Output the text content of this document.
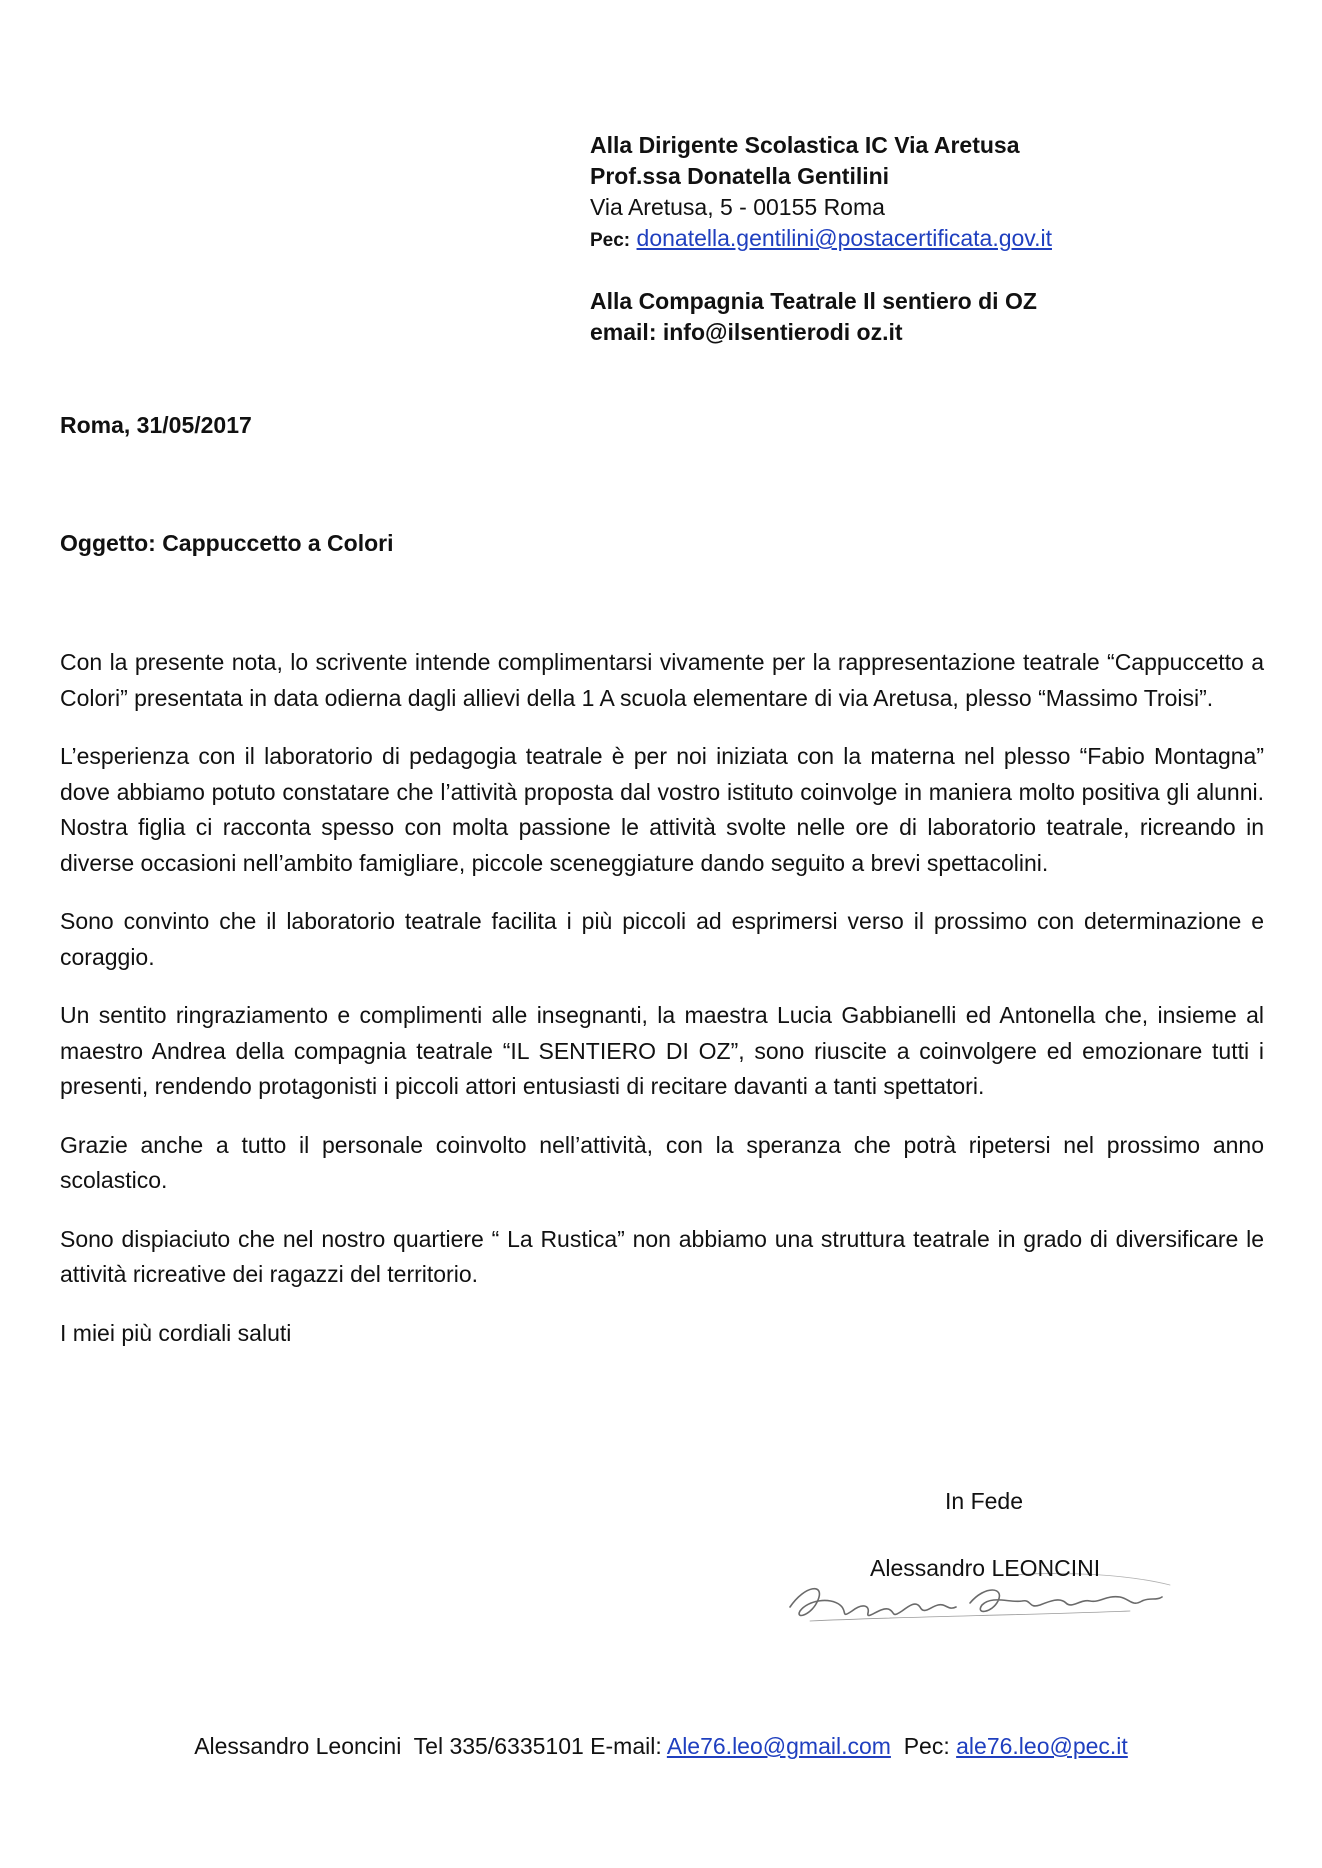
Alla Dirigente Scolastica IC Via Aretusa
Prof.ssa Donatella Gentilini
Via Aretusa, 5 - 00155 Roma
Pec: donatella.gentilini@postacertificata.gov.it
Alla Compagnia Teatrale Il sentiero di OZ
email: info@ilsentierodi oz.it
Roma, 31/05/2017
Oggetto: Cappuccetto a Colori

Con la presente nota, lo scrivente intende complimentarsi vivamente per la rappresentazione teatrale “Cappuccetto a Colori” presentata in data odierna dagli allievi della 1 A scuola elementare di via Aretusa, plesso “Massimo Troisi”.

L’esperienza con il laboratorio di pedagogia teatrale è per noi iniziata con la materna nel plesso “Fabio Montagna” dove abbiamo potuto constatare che l’attività proposta dal vostro istituto coinvolge in maniera molto positiva gli alunni. Nostra figlia ci racconta spesso con molta passione le attività svolte nelle ore di laboratorio teatrale, ricreando in diverse occasioni nell’ambito famigliare, piccole sceneggiature dando seguito a brevi spettacolini.

Sono convinto che il laboratorio teatrale facilita i più piccoli ad esprimersi verso il prossimo con determinazione e coraggio.

Un sentito ringraziamento e complimenti alle insegnanti, la maestra Lucia Gabbianelli ed Antonella che, insieme al maestro Andrea della compagnia teatrale “IL SENTIERO DI OZ”, sono riuscite a coinvolgere ed emozionare tutti i presenti, rendendo protagonisti i piccoli attori entusiasti di recitare davanti a tanti spettatori.

Grazie anche a tutto il personale coinvolto nell’attività, con la speranza che potrà ripetersi nel prossimo anno scolastico.

Sono dispiaciuto che nel nostro quartiere “ La Rustica” non abbiamo una struttura teatrale in grado di diversificare le attività ricreative dei ragazzi del territorio.

I miei più cordiali saluti

In Fede
Alessandro LEONCINI
Alessandro Leoncini  Tel 335/6335101 E-mail: Ale76.leo@gmail.com  Pec: ale76.leo@pec.it
